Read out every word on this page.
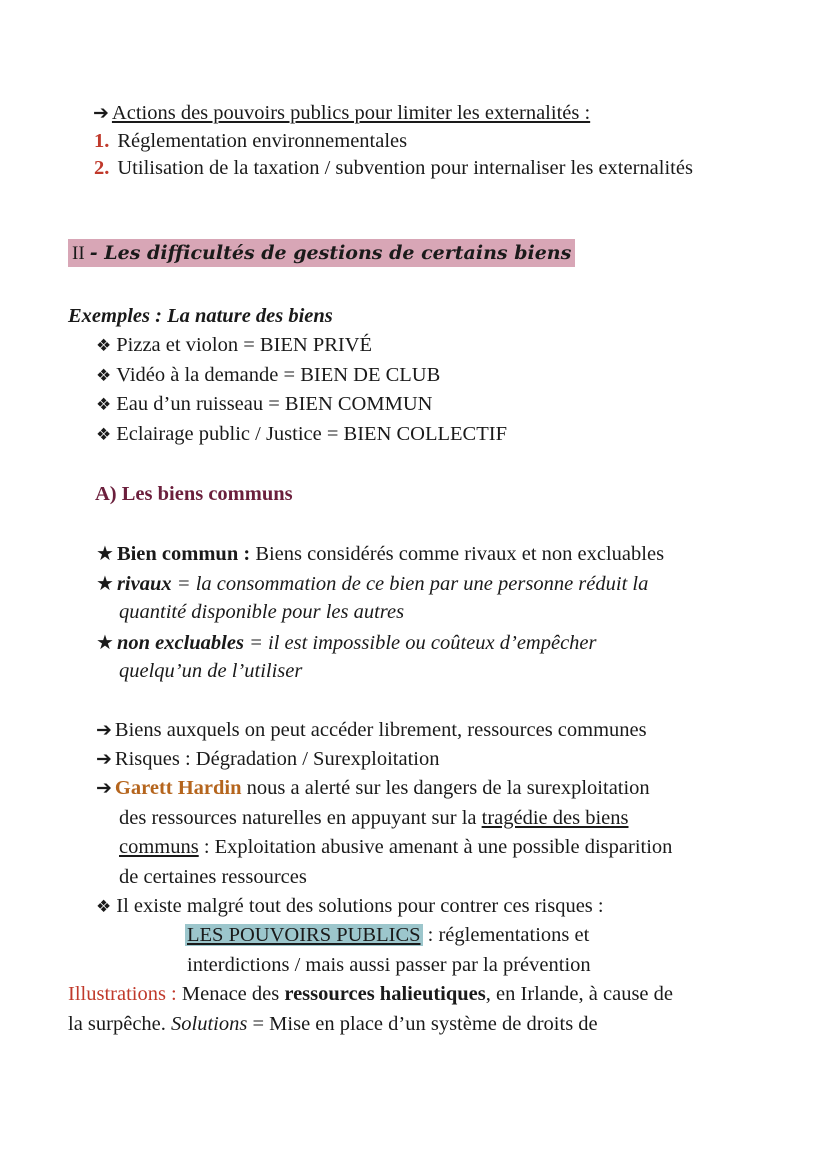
➔ Actions des pouvoirs publics pour limiter les externalités :
1. Réglementation environnementales
2. Utilisation de la taxation / subvention pour internaliser les externalités
II - Les difficultés de gestions de certains biens
Exemples : La nature des biens
❖ Pizza et violon = BIEN PRIVÉ
❖ Vidéo à la demande = BIEN DE CLUB
❖ Eau d’un ruisseau = BIEN COMMUN
❖ Eclairage public / Justice = BIEN COLLECTIF
A) Les biens communs
★ Bien commun : Biens considérés comme rivaux et non excluables
★ rivaux = la consommation de ce bien par une personne réduit la
quantité disponible pour les autres
★ non excluables = il est impossible ou coûteux d’empêcher
quelqu’un de l’utiliser
➔ Biens auxquels on peut accéder librement, ressources communes
➔ Risques : Dégradation / Surexploitation
➔ Garett Hardin nous a alerté sur les dangers de la surexploitation
des ressources naturelles en appuyant sur la tragédie des biens
communs : Exploitation abusive amenant à une possible disparition
de certaines ressources
❖ Il existe malgré tout des solutions pour contrer ces risques :
LES POUVOIRS PUBLICS : réglementations et
interdictions / mais aussi passer par la prévention
Illustrations : Menace des ressources halieutiques, en Irlande, à cause de
la surpêche. Solutions = Mise en place d’un système de droits de
